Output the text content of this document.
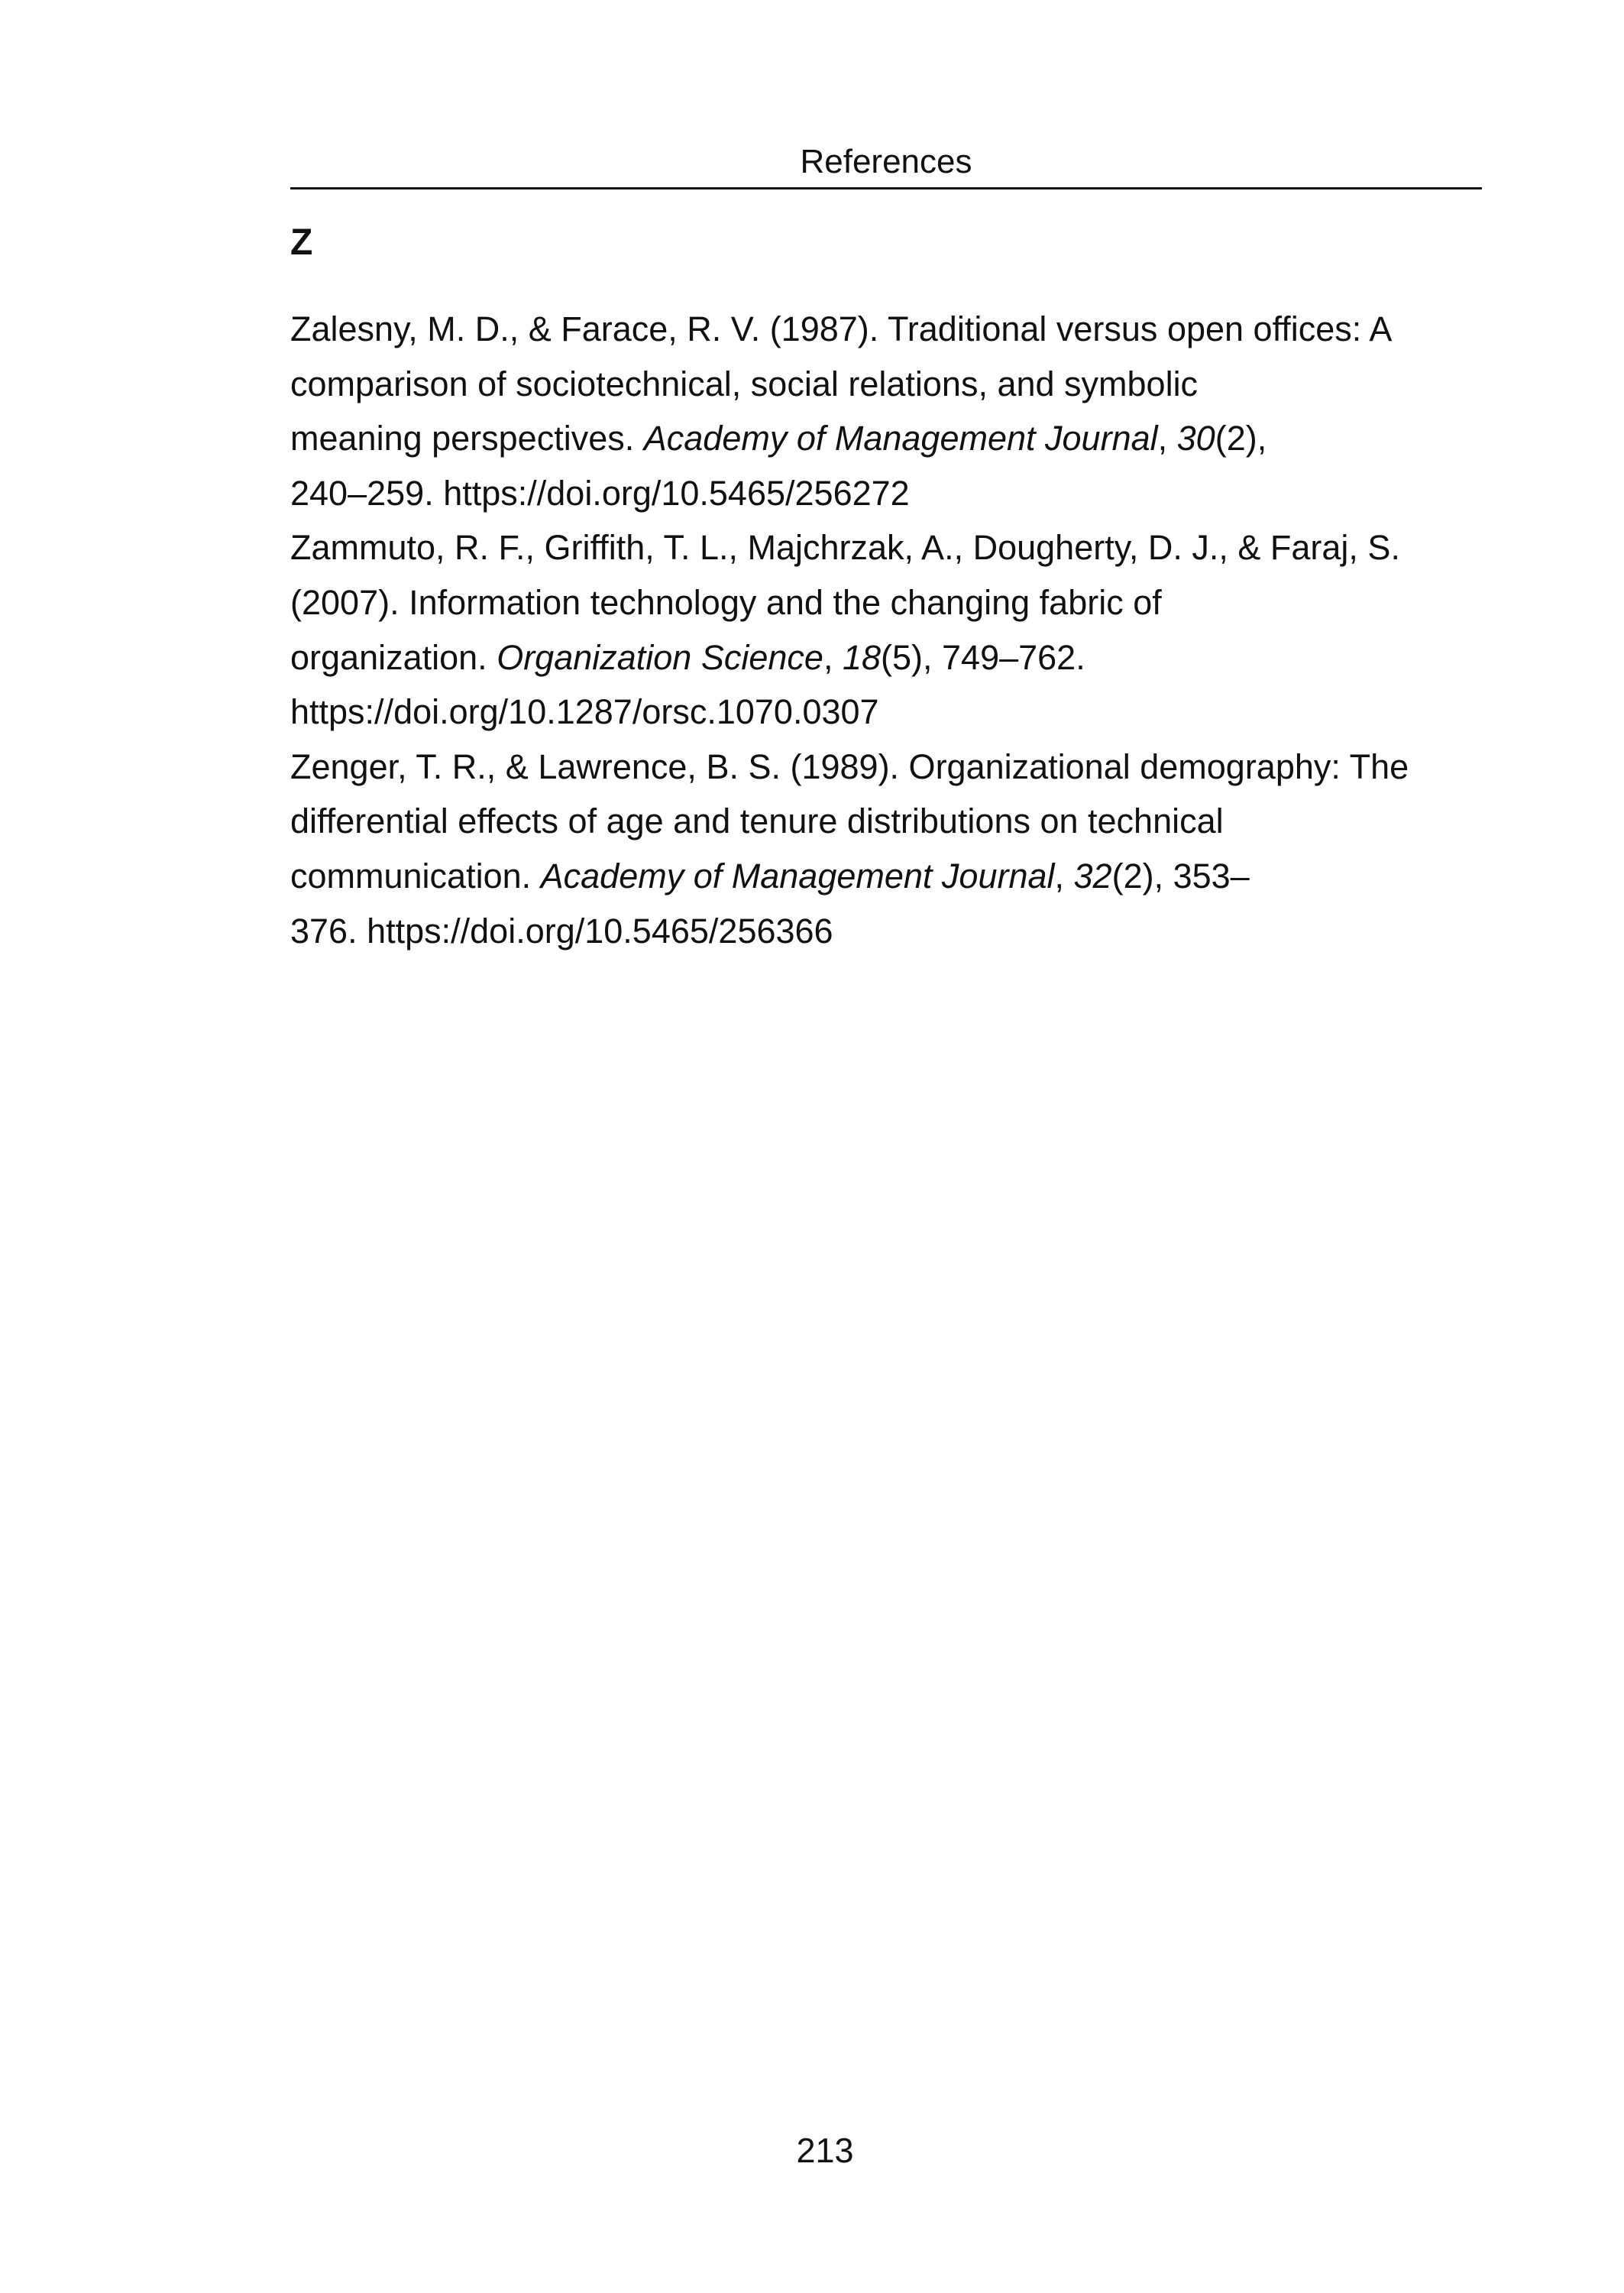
References
Z

Zalesny, M. D., & Farace, R. V. (1987). Traditional versus open offices: A
comparison of sociotechnical, social relations, and symbolic
meaning perspectives. Academy of Management Journal, 30(2),
240–259. https://doi.org/10.5465/256272

Zammuto, R. F., Griffith, T. L., Majchrzak, A., Dougherty, D. J., & Faraj, S.
(2007). Information technology and the changing fabric of
organization. Organization Science, 18(5), 749–762.
https://doi.org/10.1287/orsc.1070.0307

Zenger, T. R., & Lawrence, B. S. (1989). Organizational demography: The
differential effects of age and tenure distributions on technical
communication. Academy of Management Journal, 32(2), 353–
376. https://doi.org/10.5465/256366

213
